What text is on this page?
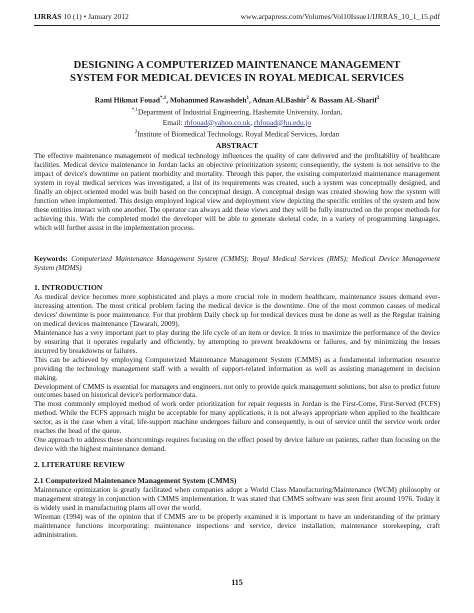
IJRRAS 10 (1) • January 2012	www.arpapress.com/Volumes/Vol10Issue1/IJRRAS_10_1_15.pdf
DESIGNING A COMPUTERIZED MAINTENANCE MANAGEMENT
SYSTEM FOR MEDICAL DEVICES IN ROYAL MEDICAL SERVICES
Rami Hikmat Fouad$^{*,1}$, Mohammed Rawashdeh$^1$, Adnan ALBashir$^2$ & Bassam AL-Sharif$^2$
$^{*,1}$Department of Industrial Engineering, Hashemite University, Jordan,
Email: rhfouad@yahoo.co.uk, rhfouad@hu.edu.jo
$^2$Institute of Biomedical Technology, Royal Medical Services, Jordan
ABSTRACT
The effective maintenance management of medical technology influences the quality of care delivered and the profitability of healthcare facilities. Medical device maintenance in Jordan lacks an objective prioritization system; consequently, the system is not sensitive to the impact of device's downtime on patient morbidity and mortality. Through this paper, the existing computerized maintenance management system in royal medical services was investigated, a list of its requirements was created, such a system was conceptually designed, and finally an object oriented model was built based on the conceptual design. A conceptual design was created showing how the system will function when implemented. This design employed logical view and deployment view depicting the specific entities of the system and how these entities interact with one another. The operator can always add these views and they will be fully instructed on the proper methods for achieving this. With the completed model the developer will be able to generate skeletal code, in a variety of programming languages, which will further assist in the implementation process.
Keywords: Computerized Maintenance Management System (CMMS); Royal Medical Services (RMS); Medical Device Management System (MDMS)
1. INTRODUCTION

As medical device becomes more sophisticated and plays a more crucial role in modern healthcare, maintenance issues demand ever-increasing attention. The most critical problem facing the medical device is the downtime. One of the most common causes of medical devices' downtime is poor maintenance. For that problem Daily check up for medical devices must be done as well as the Regular training on medical devices maintenance (Tawarah, 2009).

Maintenance has a very important part to play during the life cycle of an item or device. It tries to maximize the performance of the device by ensuring that it operates regularly and efficiently, by attempting to prevent breakdowns or failures, and by minimizing the losses incurred by breakdowns or failures.

This can be achieved by employing Computerized Maintenance Management System (CMMS) as a fundamental information resource providing the technology management staff with a wealth of support-related information as well as assisting management in decision making.

Development of CMMS is essential for managers and engineers, not only to provide quick management solutions, but also to predict future outcomes based on historical device's performance data.

The most commonly employed method of work order prioritization for repair requests in Jordan is the First-Come, First-Served (FCFS) method. While the FCFS approach might be acceptable for many applications, it is not always appropriate when applied to the healthcare sector, as is the case when a vital, life-support machine undergoes failure and consequently, is out of service until the service work order reaches the head of the queue.

One approach to address these shortcomings requires focusing on the effect posed by device failure on patients, rather than focusing on the device with the highest maintenance demand.

2. LITERATURE REVIEW
2.1 Computerized Maintenance Management System (CMMS)

Maintenance optimization is greatly facilitated when companies adopt a World Class Manufacturing/Maintenance (WCM) philosophy or management strategy in conjunction with CMMS implementation. It was stated that CMMS software was seen first around 1976. Today it is widely used in manufacturing plants all over the world.

Wireman (1994) was of the opinion that if CMMS are to be properly examined it is important to have an understanding of the primary maintenance functions incorporating: maintenance inspections and service, device installation, maintenance storekeeping, craft administration.

115
